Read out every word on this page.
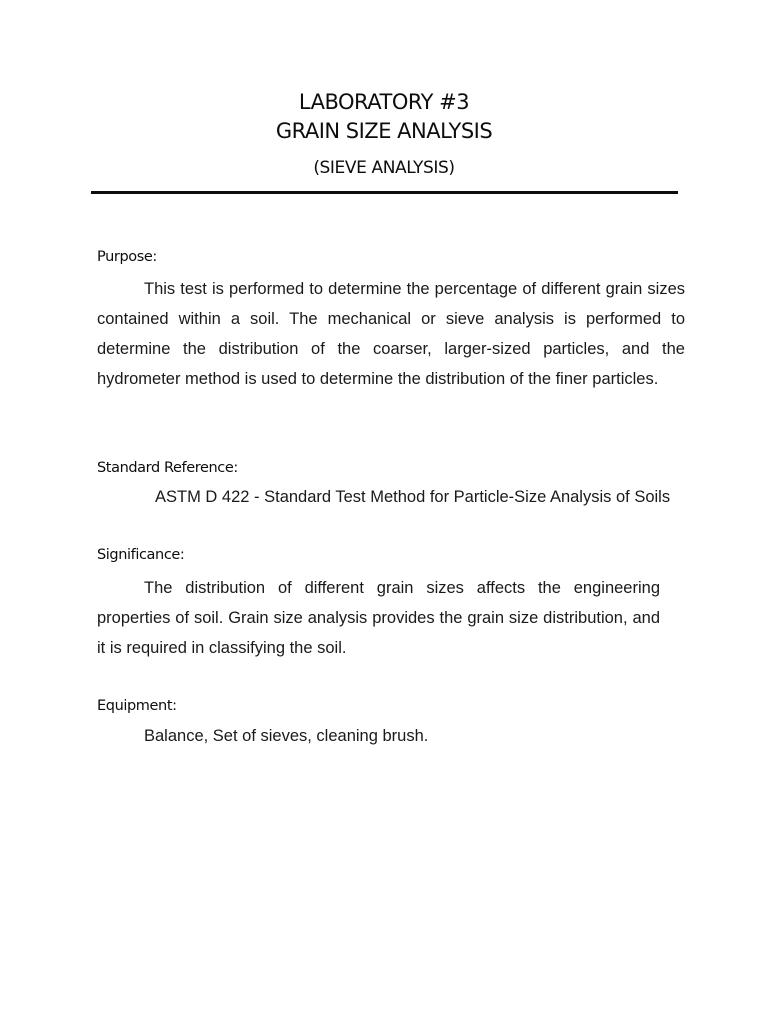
LABORATORY #3
GRAIN SIZE ANALYSIS
(SIEVE ANALYSIS)
Purpose:

This test is performed to determine the percentage of different grain sizes contained within a soil. The mechanical or sieve analysis is performed to determine the distribution of the coarser, larger-sized particles, and the hydrometer method is used to determine the distribution of the finer particles.

Standard Reference:
ASTM D 422 - Standard Test Method for Particle-Size Analysis of Soils
Significance:

The distribution of different grain sizes affects the engineering properties of soil. Grain size analysis provides the grain size distribution, and it is required in classifying the soil.

Equipment:
Balance, Set of sieves, cleaning brush.
